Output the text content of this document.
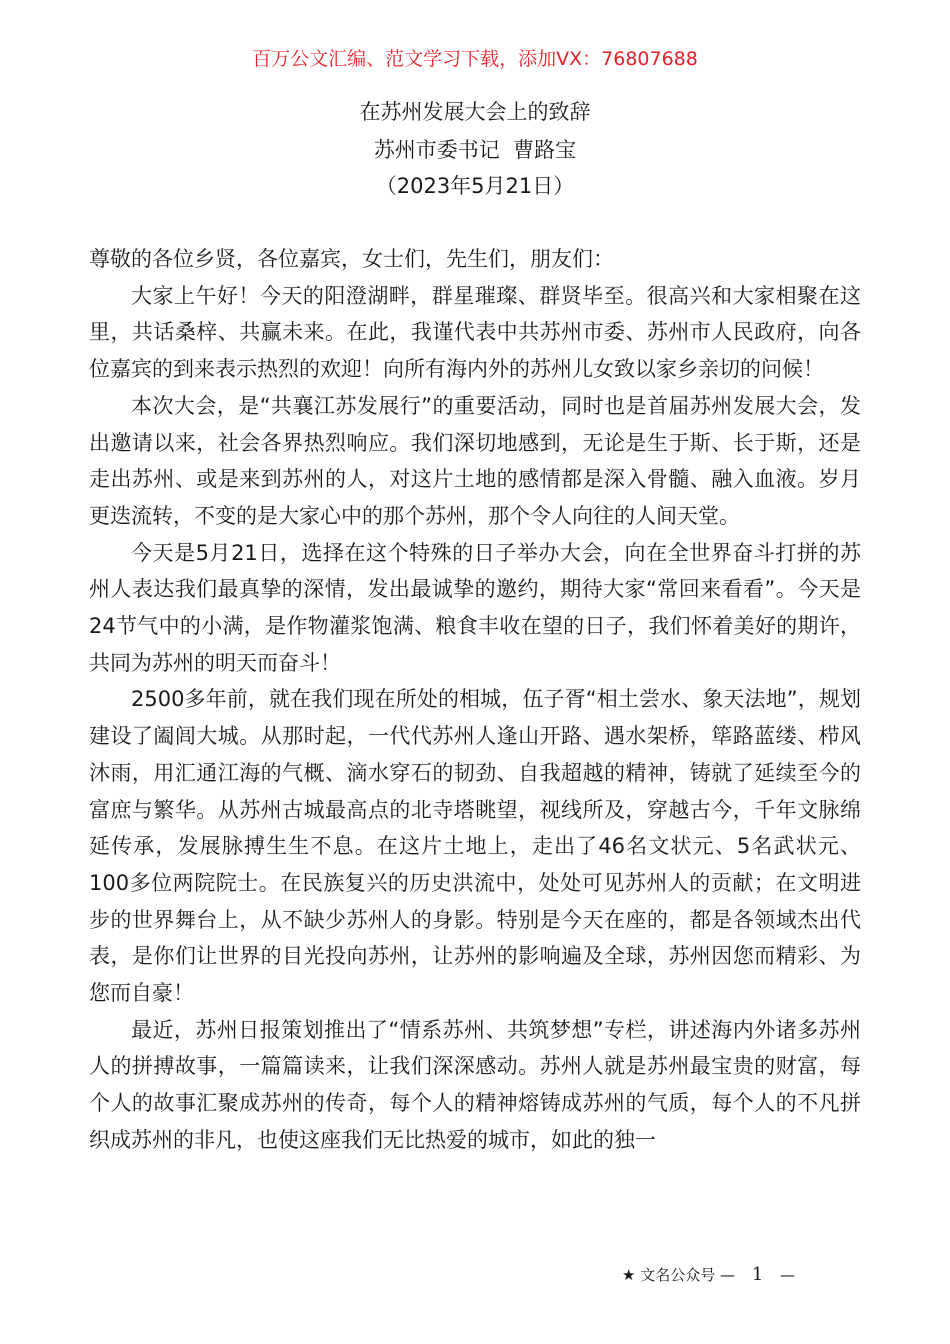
百万公文汇编、范文学习下载，添加VX：76807688
在苏州发展大会上的致辞
苏州市委书记  曹路宝
（2023年5月21日）

尊敬的各位乡贤，各位嘉宾，女士们，先生们，朋友们：

大家上午好！今天的阳澄湖畔，群星璀璨、群贤毕至。很高兴和大家相聚在这里，共话桑梓、共赢未来。在此，我谨代表中共苏州市委、苏州市人民政府，向各位嘉宾的到来表示热烈的欢迎！向所有海内外的苏州儿女致以家乡亲切的问候！

本次大会，是“共襄江苏发展行”的重要活动，同时也是首届苏州发展大会，发出邀请以来，社会各界热烈响应。我们深切地感到，无论是生于斯、长于斯，还是走出苏州、或是来到苏州的人，对这片土地的感情都是深入骨髓、融入血液。岁月更迭流转，不变的是大家心中的那个苏州，那个令人向往的人间天堂。

今天是5月21日，选择在这个特殊的日子举办大会，向在全世界奋斗打拼的苏州人表达我们最真挚的深情，发出最诚挚的邀约，期待大家“常回来看看”。今天是24节气中的小满，是作物灌浆饱满、粮食丰收在望的日子，我们怀着美好的期许，共同为苏州的明天而奋斗！

2500多年前，就在我们现在所处的相城，伍子胥“相土尝水、象天法地”，规划建设了阖闾大城。从那时起，一代代苏州人逢山开路、遇水架桥，筚路蓝缕、栉风沐雨，用汇通江海的气概、滴水穿石的韧劲、自我超越的精神，铸就了延续至今的富庶与繁华。从苏州古城最高点的北寺塔眺望，视线所及，穿越古今，千年文脉绵延传承，发展脉搏生生不息。在这片土地上，走出了46名文状元、5名武状元、100多位两院院士。在民族复兴的历史洪流中，处处可见苏州人的贡献；在文明进步的世界舞台上，从不缺少苏州人的身影。特别是今天在座的，都是各领域杰出代表，是你们让世界的目光投向苏州，让苏州的影响遍及全球，苏州因您而精彩、为您而自豪！

最近，苏州日报策划推出了“情系苏州、共筑梦想”专栏，讲述海内外诸多苏州人的拼搏故事，一篇篇读来，让我们深深感动。苏州人就是苏州最宝贵的财富，每个人的故事汇聚成苏州的传奇，每个人的精神熔铸成苏州的气质，每个人的不凡拼织成苏州的非凡，也使这座我们无比热爱的城市，如此的独一

★ 文名公众号 — 1 —
